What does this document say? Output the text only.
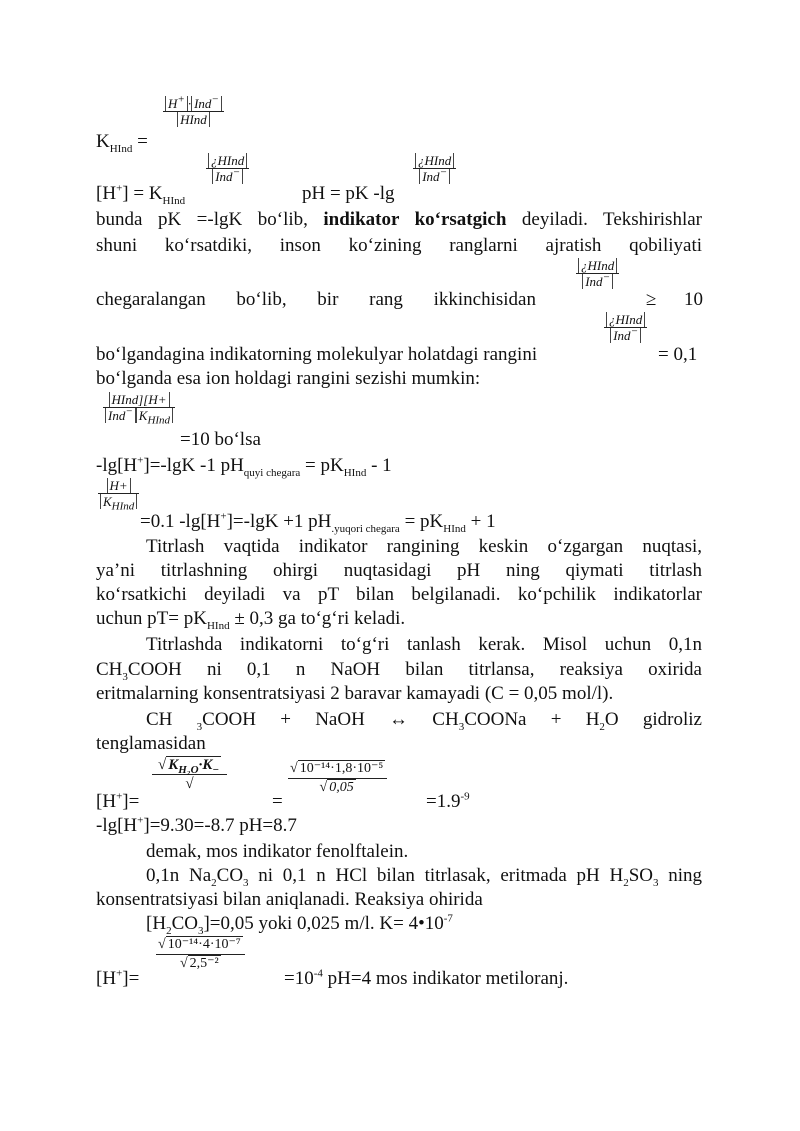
H+ · Ind−
HInd
$K_{HInd}$ =
¿HInd
Ind−
¿HInd
Ind−
$[H^+] = K_{HInd}$	pH = pK -lg
bunda pK =-lgK bo‘lib, indikator ko‘rsatgich deyiladi. Tekshirishlar
shuni ko‘rsatdiki, inson ko‘zining ranglarni ajratish qobiliyati
¿HInd
Ind−
chegaralangan bo‘lib, bir rang ikkinchisidan	≥ 10
¿HInd
Ind−
bo‘lgandagina indikatorning molekulyar holatdagi rangini	= 0,1
bo‘lganda esa ion holdagi rangini sezishi mumkin:
HInd][H+
Ind− $K_{HInd}$
=10 bo‘lsa
-lg[H+]=-lgK -1 $pH_{quyi chegara} = pK_{HInd} - 1$
H+
$K_{HInd}$
=0.1 -lg[H+]=-lgK +1 $pH_{.yuqori chegara} = pK_{HInd} + 1$
Titrlash vaqtida indikator rangining keskin o‘zgargan nuqtasi,
ya’ni titrlashning ohirgi nuqtasidagi pH ning qiymati titrlash
ko‘rsatkichi deyiladi va pT bilan belgilanadi. ko‘pchilik indikatorlar
uchun $pT= pK_{HInd} \pm 0,3$ ga to‘g‘ri keladi.
Titrlashda indikatorni to‘g‘ri tanlash kerak. Misol uchun 0,1n
$CH_3COOH$ ni 0,1 n NaOH bilan titrlansa, reaksiya oxirida
eritmalarning konsentratsiyasi 2 baravar kamayadi (C = 0,05 mol/l).
CH $_3$COOH + NaOH ↔ $CH_3COONa + H_2O$ gidroliz
tenglamasidan
√ $K_{H_2O}\cdot K_-$
√	$\frac{\text{√ 10⁻¹⁴·1,8·10⁻⁵}}{√ 0,05}$
[H+]=	=	$=1.9^{-9}$
-lg[H+]=9.30=-8.7 pH=8.7
demak, mos indikator fenolftalein.
0,1n $Na_2CO_3$ ni 0,1 n HCl bilan titrlasak, eritmada pH $H_2SO_3$ ning
konsentratsiyasi bilan aniqlanadi. Reaksiya ohirida
$[H_2CO_3]=0,05$ yoki 0,025 m/l. $K= 4•10^{-7}$
$\frac{\text{√ 10⁻¹⁴·4·10⁻⁷}}{\text{√ 2,5⁻²}}$
[H+]=	$=10^{-4}$ pH=4 mos indikator metiloranj.
